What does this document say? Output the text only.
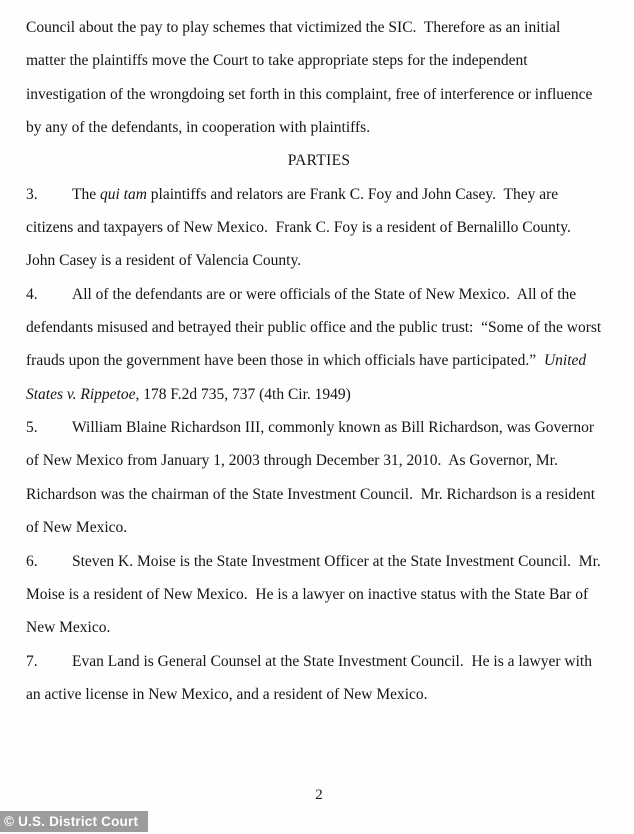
Council about the pay to play schemes that victimized the SIC.  Therefore as an initial
matter the plaintiffs move the Court to take appropriate steps for the independent
investigation of the wrongdoing set forth in this complaint, free of interference or influence
by any of the defendants, in cooperation with plaintiffs.
PARTIES
3. The qui tam plaintiffs and relators are Frank C. Foy and John Casey.  They are
citizens and taxpayers of New Mexico.  Frank C. Foy is a resident of Bernalillo County.
John Casey is a resident of Valencia County.
4. All of the defendants are or were officials of the State of New Mexico.  All of the
defendants misused and betrayed their public office and the public trust:  “Some of the worst
frauds upon the government have been those in which officials have participated.”  United
States v. Rippetoe, 178 F.2d 735, 737 (4th Cir. 1949)
5. William Blaine Richardson III, commonly known as Bill Richardson, was Governor
of New Mexico from January 1, 2003 through December 31, 2010.  As Governor, Mr.
Richardson was the chairman of the State Investment Council.  Mr. Richardson is a resident
of New Mexico.
6. Steven K. Moise is the State Investment Officer at the State Investment Council.  Mr.
Moise is a resident of New Mexico.  He is a lawyer on inactive status with the State Bar of
New Mexico.
7. Evan Land is General Counsel at the State Investment Council.  He is a lawyer with
an active license in New Mexico, and a resident of New Mexico.
2
© U.S. District Court
